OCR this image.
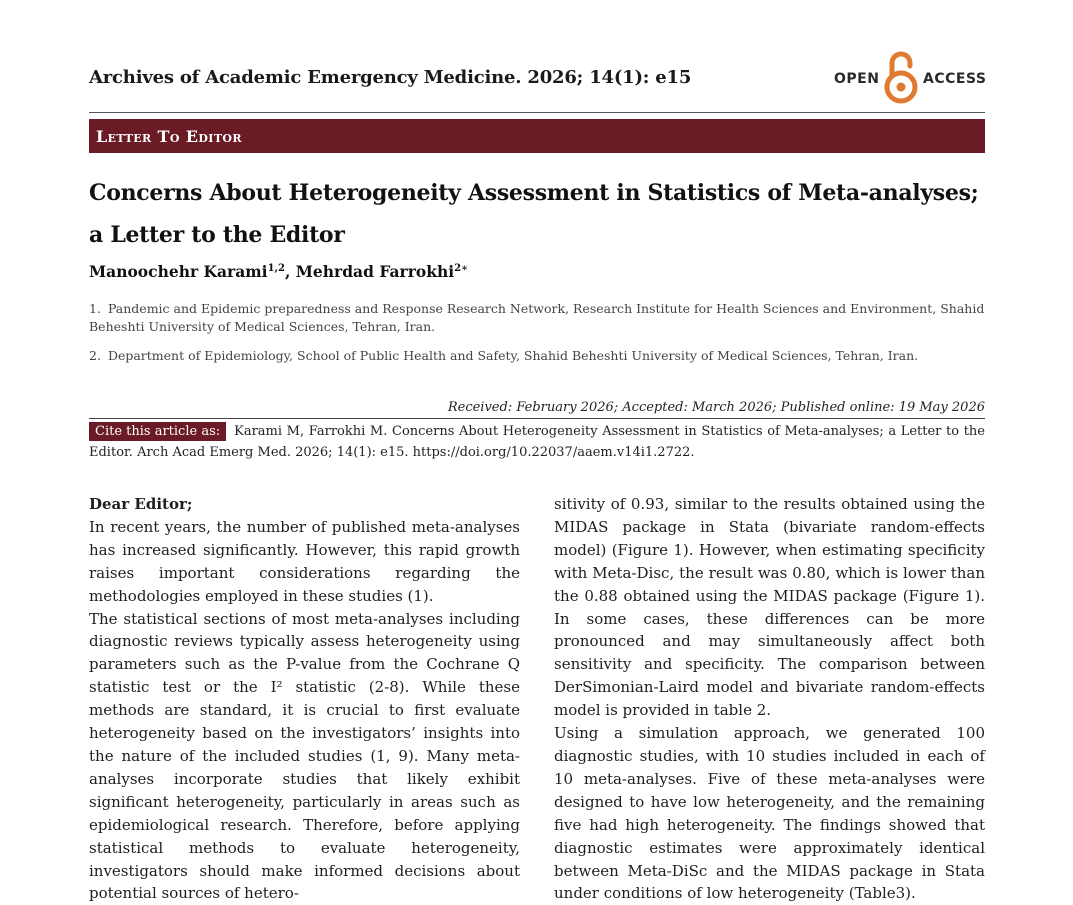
Archives of Academic Emergency Medicine. 2026; 14(1): e15	OPEN	ACCESS
Letter To Editor
Concerns About Heterogeneity Assessment in Statistics of Meta-analyses; a Letter to the Editor
Manoochehr Karami$^{1,2}$, Mehrdad Farrokhi$^{2∗}$
1. Pandemic and Epidemic preparedness and Response Research Network, Research Institute for Health Sciences and Environment, Shahid Beheshti University of Medical Sciences, Tehran, Iran.
2. Department of Epidemiology, School of Public Health and Safety, Shahid Beheshti University of Medical Sciences, Tehran, Iran.
Received: February 2026; Accepted: March 2026; Published online: 19 May 2026
Cite this article as: Karami M, Farrokhi M. Concerns About Heterogeneity Assessment in Statistics of Meta-analyses; a Letter to the Editor. Arch Acad Emerg Med. 2026; 14(1): e15. https://doi.org/10.22037/aaem.v14i1.2722.

Dear Editor;

In recent years, the number of published meta-analyses has increased significantly. However, this rapid growth raises important considerations regarding the methodologies employed in these studies (1).

The statistical sections of most meta-analyses including diagnostic reviews typically assess heterogeneity using parameters such as the P-value from the Cochrane Q statistic test or the I² statistic (2-8). While these methods are standard, it is crucial to first evaluate heterogeneity based on the investigators’ insights into the nature of the included studies (1, 9). Many meta-analyses incorporate studies that likely exhibit significant heterogeneity, particularly in areas such as epidemiological research. Therefore, before applying statistical methods to evaluate heterogeneity, investigators should make informed decisions about potential sources of hetero-

sitivity of 0.93, similar to the results obtained using the MIDAS package in Stata (bivariate random-effects model) (Figure 1). However, when estimating specificity with Meta-Disc, the result was 0.80, which is lower than the 0.88 obtained using the MIDAS package (Figure 1). In some cases, these differences can be more pronounced and may simultaneously affect both sensitivity and specificity. The comparison between DerSimonian-Laird model and bivariate random-effects model is provided in table 2.

Using a simulation approach, we generated 100 diagnostic studies, with 10 studies included in each of 10 meta-analyses. Five of these meta-analyses were designed to have low heterogeneity, and the remaining five had high heterogeneity. The findings showed that diagnostic estimates were approximately identical between Meta-DiSc and the MIDAS package in Stata under conditions of low heterogeneity (Table3).
